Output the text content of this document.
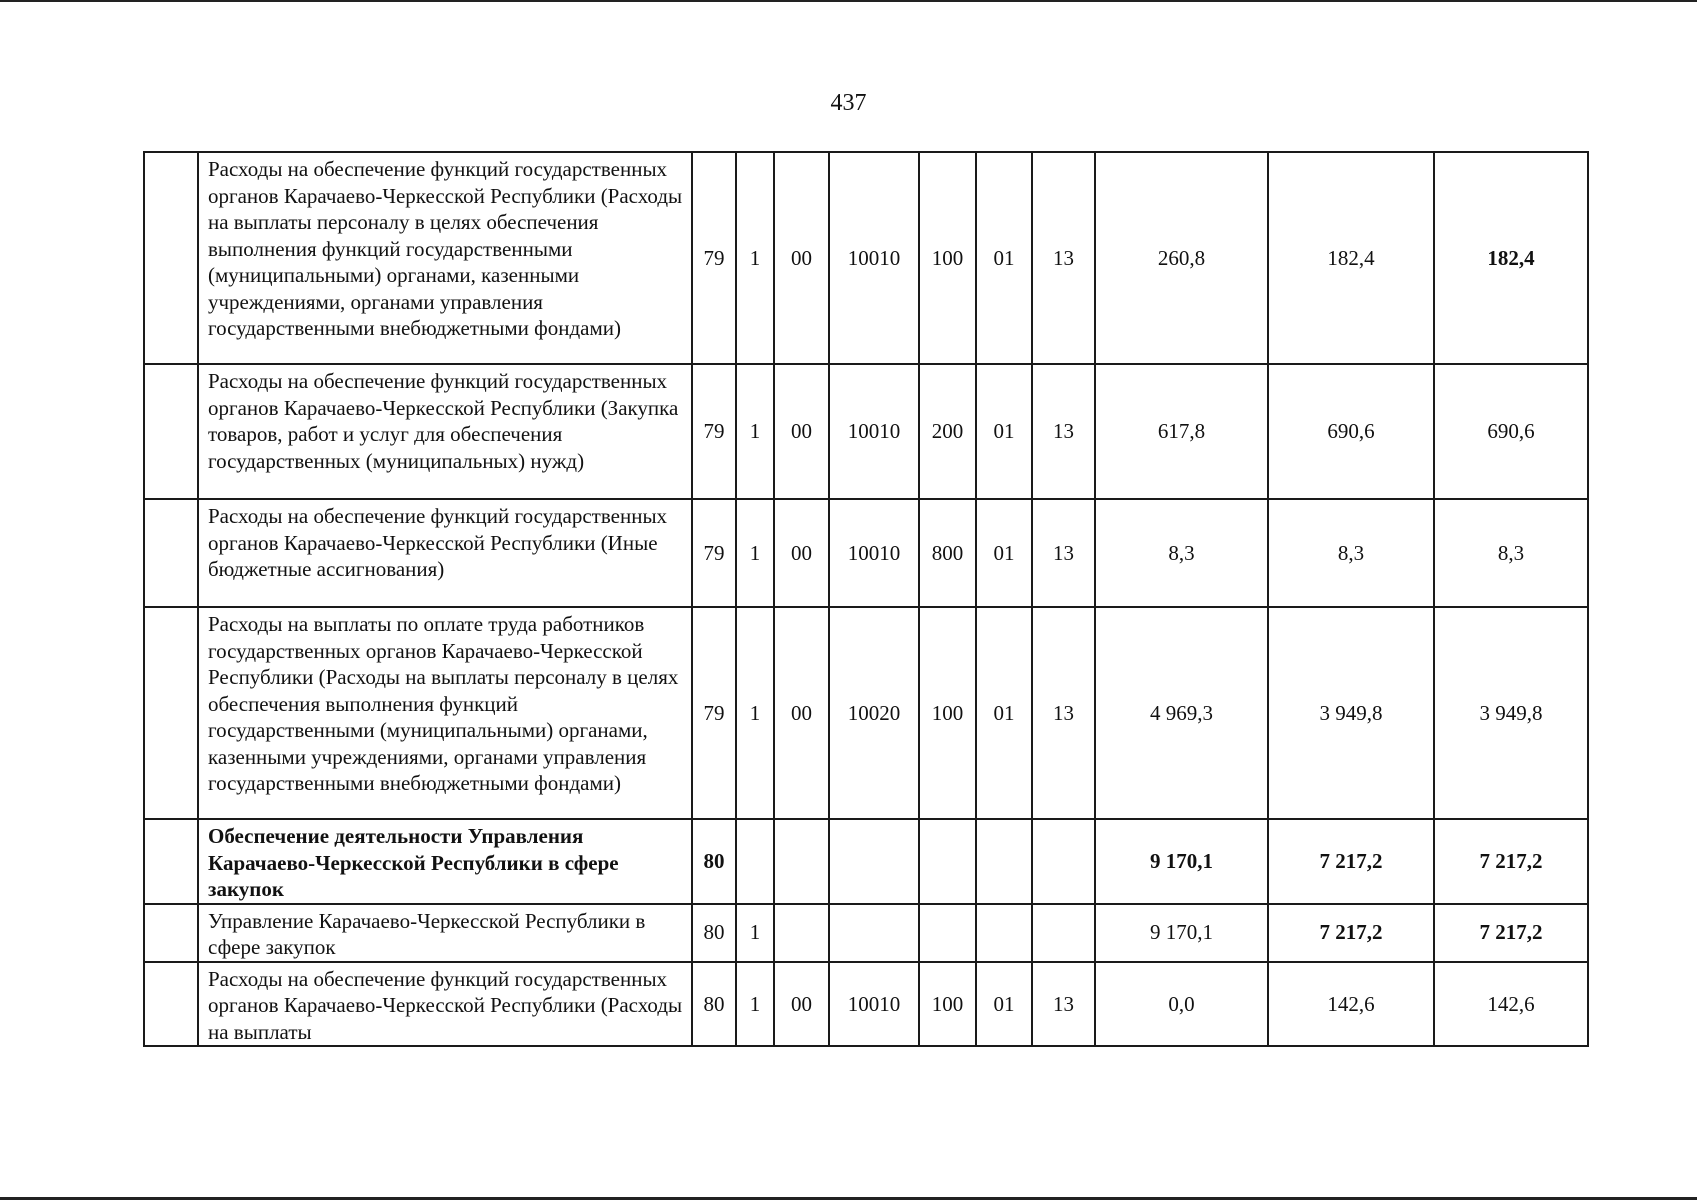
437
	Расходы на обеспечение функций государственных органов Карачаево-Черкесской Республики (Расходы на выплаты персоналу в целях обеспечения выполнения функций государственными (муниципальными) органами, казенными учреждениями, органами управления государственными внебюджетными фондами)	79	1	00	10010	100	01	13	260,8	182,4	182,4
	Расходы на обеспечение функций государственных органов Карачаево-Черкесской Республики (Закупка товаров, работ и услуг для обеспечения государственных (муниципальных) нужд)	79	1	00	10010	200	01	13	617,8	690,6	690,6
	Расходы на обеспечение функций государственных органов Карачаево-Черкесской Республики (Иные бюджетные ассигнования)	79	1	00	10010	800	01	13	8,3	8,3	8,3
	Расходы на выплаты по оплате труда работников государственных органов Карачаево-Черкесской Республики (Расходы на выплаты персоналу в целях обеспечения выполнения функций государственными (муниципальными) органами, казенными учреждениями, органами управления государственными внебюджетными фондами)	79	1	00	10020	100	01	13	4 969,3	3 949,8	3 949,8
	Обеспечение деятельности Управления Карачаево-Черкесской Республики в сфере закупок	80							9 170,1	7 217,2	7 217,2
	Управление Карачаево-Черкесской Республики в сфере закупок	80	1						9 170,1	7 217,2	7 217,2
	Расходы на обеспечение функций государственных органов Карачаево-Черкесской Республики (Расходы на выплаты	80	1	00	10010	100	01	13	0,0	142,6	142,6
